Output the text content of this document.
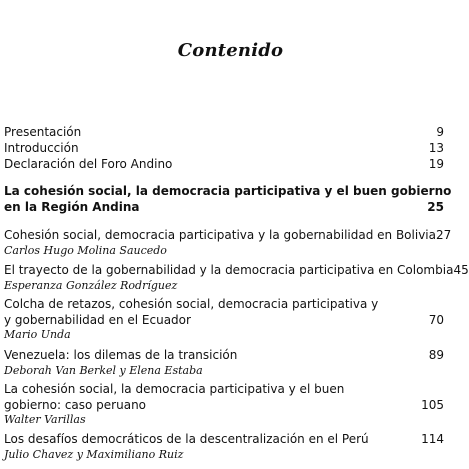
Contenido
Presentación	9
Introducción	13
Declaración del Foro Andino	19
La cohesión social, la democracia participativa y el buen gobierno
en la Región Andina	25
Cohesión social, democracia participativa y la gobernabilidad en Bolivia 27
Carlos Hugo Molina Saucedo
El trayecto de la gobernabilidad y la democracia participativa en Colombia 45
Esperanza González Rodríguez
Colcha de retazos, cohesión social, democracia participativa y
y gobernabilidad en el Ecuador	70
Mario Unda
Venezuela: los dilemas de la transición	89
Deborah Van Berkel y Elena Estaba
La cohesión social, la democracia participativa y el buen
gobierno: caso peruano	105
Walter Varillas
Los desafíos democráticos de la descentralización en el Perú	114
Julio Chavez y Maximiliano Ruiz
